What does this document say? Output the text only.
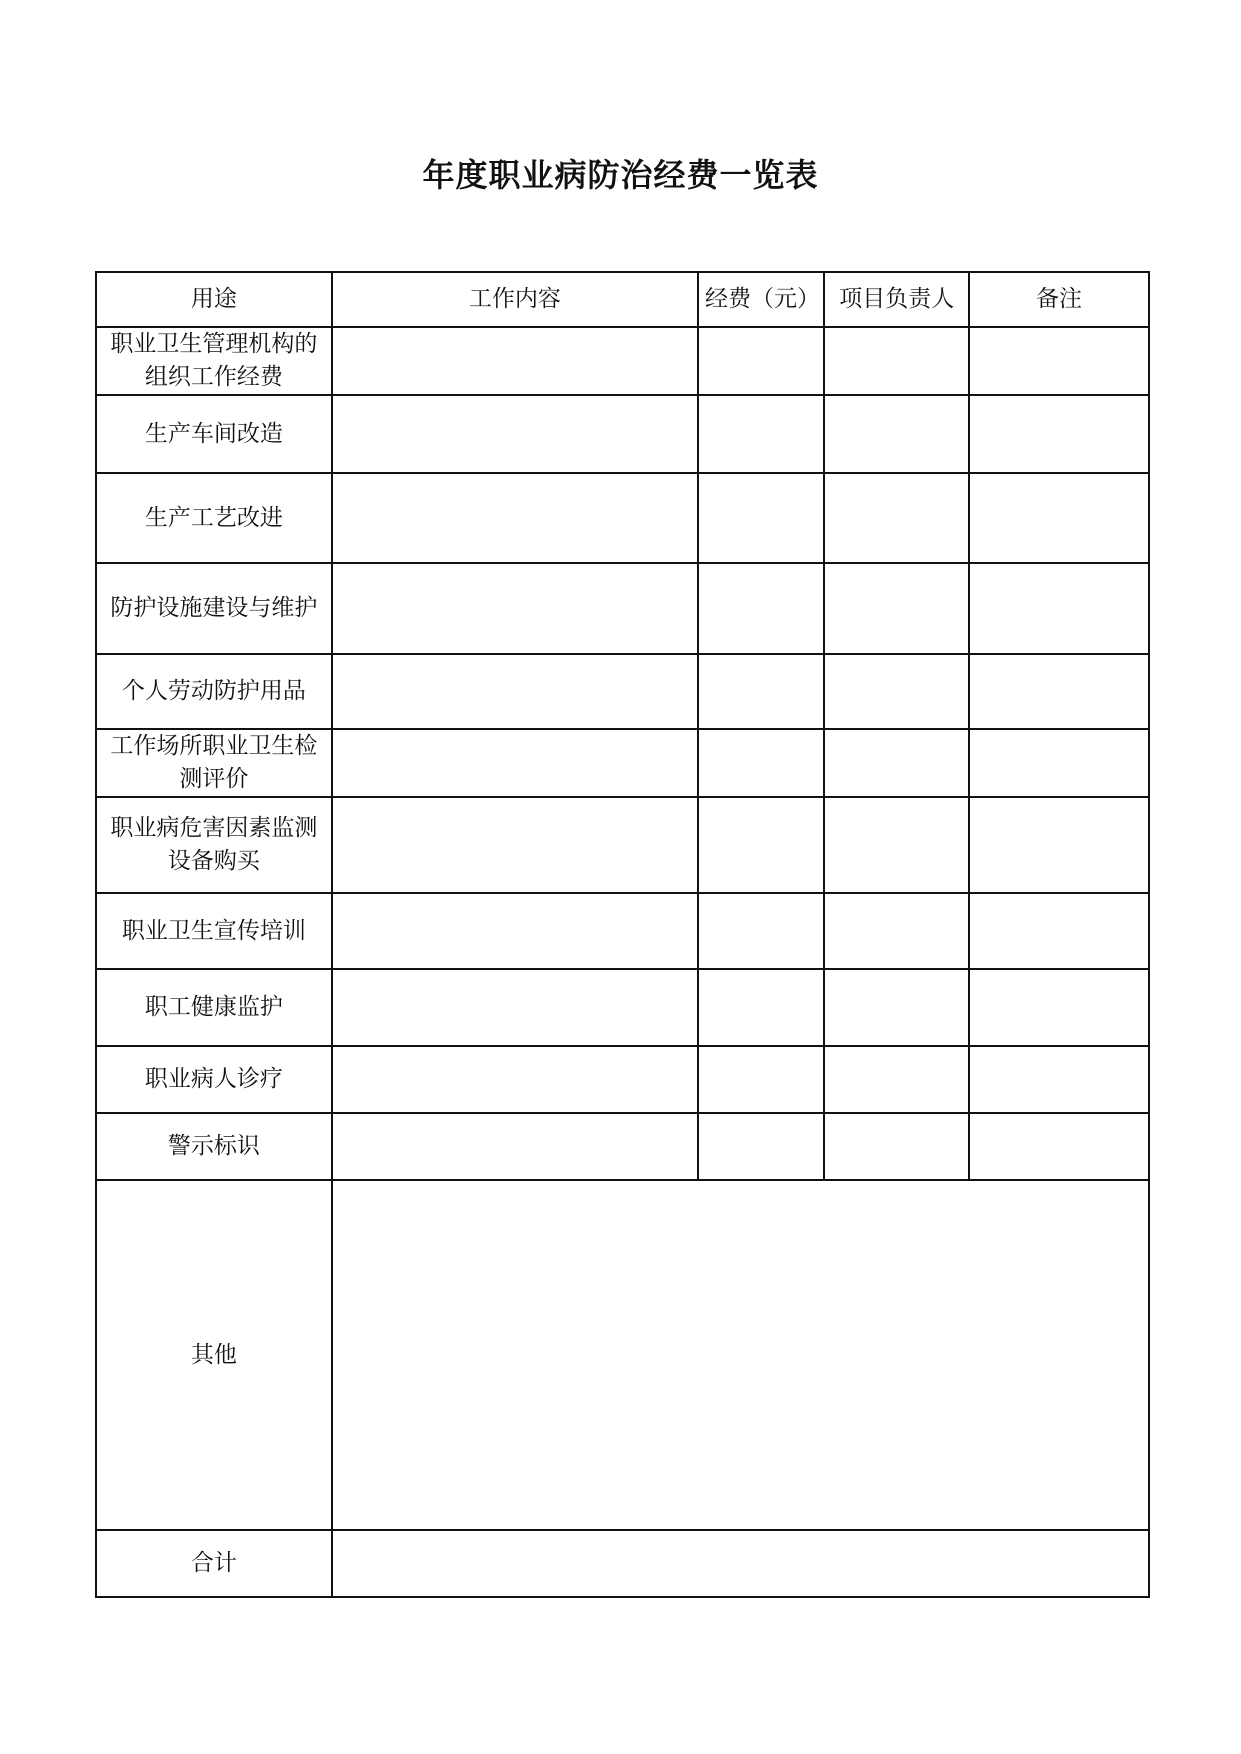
年度职业病防治经费一览表
用途	工作内容	经费（元）	项目负责人	备注
职业卫生管理机构的组织工作经费				
生产车间改造				
生产工艺改进				
防护设施建设与维护				
个人劳动防护用品				
工作场所职业卫生检测评价				
职业病危害因素监测设备购买				
职业卫生宣传培训				
职工健康监护				
职业病人诊疗				
警示标识				
其他				
合计				
